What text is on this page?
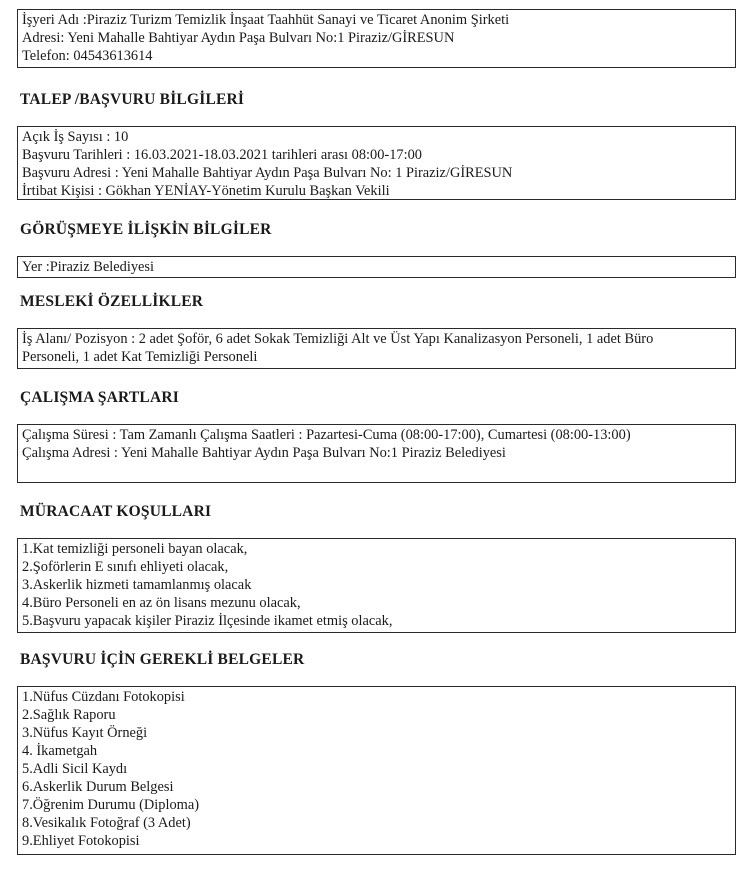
İşyeri Adı :Piraziz Turizm Temizlik İnşaat Taahhüt Sanayi ve Ticaret Anonim Şirketi
Adresi: Yeni Mahalle Bahtiyar Aydın Paşa Bulvarı No:1 Piraziz/GİRESUN
Telefon: 04543613614
TALEP /BAŞVURU BİLGİLERİ
Açık İş Sayısı : 10
Başvuru Tarihleri : 16.03.2021-18.03.2021 tarihleri arası 08:00-17:00
Başvuru Adresi : Yeni Mahalle Bahtiyar Aydın Paşa Bulvarı No: 1 Piraziz/GİRESUN
İrtibat Kişisi : Gökhan YENİAY-Yönetim Kurulu Başkan Vekili
GÖRÜŞMEYE İLİŞKİN BİLGİLER
Yer :Piraziz Belediyesi
MESLEKİ ÖZELLİKLER
İş Alanı/ Pozisyon : 2 adet Şoför, 6 adet Sokak Temizliği Alt ve Üst Yapı Kanalizasyon Personeli, 1 adet Büro
Personeli, 1 adet Kat Temizliği Personeli
ÇALIŞMA ŞARTLARI
Çalışma Süresi : Tam Zamanlı Çalışma Saatleri : Pazartesi-Cuma (08:00-17:00), Cumartesi (08:00-13:00)
Çalışma Adresi : Yeni Mahalle Bahtiyar Aydın Paşa Bulvarı No:1 Piraziz Belediyesi
MÜRACAAT KOŞULLARI
1.Kat temizliği personeli bayan olacak,
2.Şoförlerin E sınıfı ehliyeti olacak,
3.Askerlik hizmeti tamamlanmış olacak
4.Büro Personeli en az ön lisans mezunu olacak,
5.Başvuru yapacak kişiler Piraziz İlçesinde ikamet etmiş olacak,
BAŞVURU İÇİN GEREKLİ BELGELER
1.Nüfus Cüzdanı Fotokopisi
2.Sağlık Raporu
3.Nüfus Kayıt Örneği
4. İkametgah
5.Adli Sicil Kaydı
6.Askerlik Durum Belgesi
7.Öğrenim Durumu (Diploma)
8.Vesikalık Fotoğraf (3 Adet)
9.Ehliyet Fotokopisi
